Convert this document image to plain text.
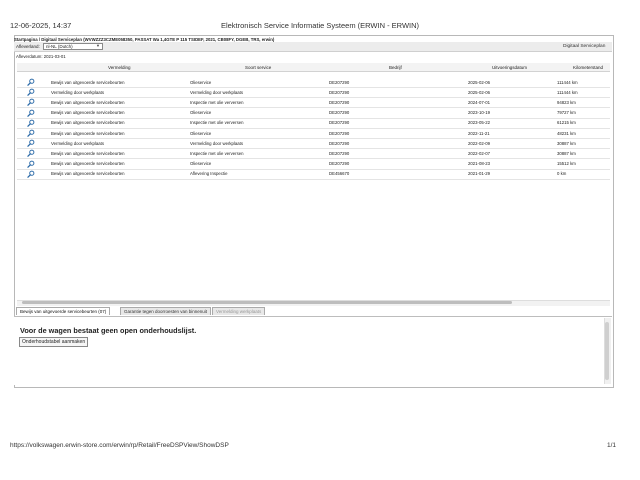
12-06-2025, 14:37	Elektronisch Service Informatie Systeem (ERWIN - ERWIN)
Startpagina / Digitaal Serviceplan (WVWZZZ3CZME058350, PASSAT Wa 1,4GTE P 115 TSIDEF, 2021, CB08FY, DGEB, TRS, erwin)
Afleverland:	nl-NL (Dutch)	▼	Digitaal Serviceplan
Afleverdatum: 2021-03-01
Vermelding	Soort service	Bedrijf	Uitvoeringsdatum	Kilometerstand
Bewijs van uitgevoerde servicebeurten (07)	Garantie tegen doorroesten van binnenuit	Vermelding werkplaats
Voor de wagen bestaat geen open onderhoudslijst.
Onderhoudstabel aanmaken
https://volkswagen.erwin-store.com/erwin/rp/Retail/FreeDSPView/ShowDSP	1/1
Bewijs van uitgevoerde servicebeurten	Olieservice	DE207290	2025-02-06	111444 km
Vermelding door werkplaats	Vermelding door werkplaats	DE207290	2025-02-06	111444 km
Bewijs van uitgevoerde servicebeurten	Inspectie met olie verversen	DE207290	2024-07-01	94823 km
Bewijs van uitgevoerde servicebeurten	Olieservice	DE207290	2023-10-19	79727 km
Bewijs van uitgevoerde servicebeurten	Inspectie met olie verversen	DE207290	2023-05-22	61215 km
Bewijs van uitgevoerde servicebeurten	Olieservice	DE207290	2022-11-21	48231 km
Vermelding door werkplaats	Vermelding door werkplaats	DE207290	2022-02-09	30887 km
Bewijs van uitgevoerde servicebeurten	Inspectie met olie verversen	DE207290	2022-02-07	30887 km
Bewijs van uitgevoerde servicebeurten	Olieservice	DE207290	2021-08-23	15512 km
Bewijs van uitgevoerde servicebeurten	Aflevering Inspectie	DE456670	2021-01-29	0 km
